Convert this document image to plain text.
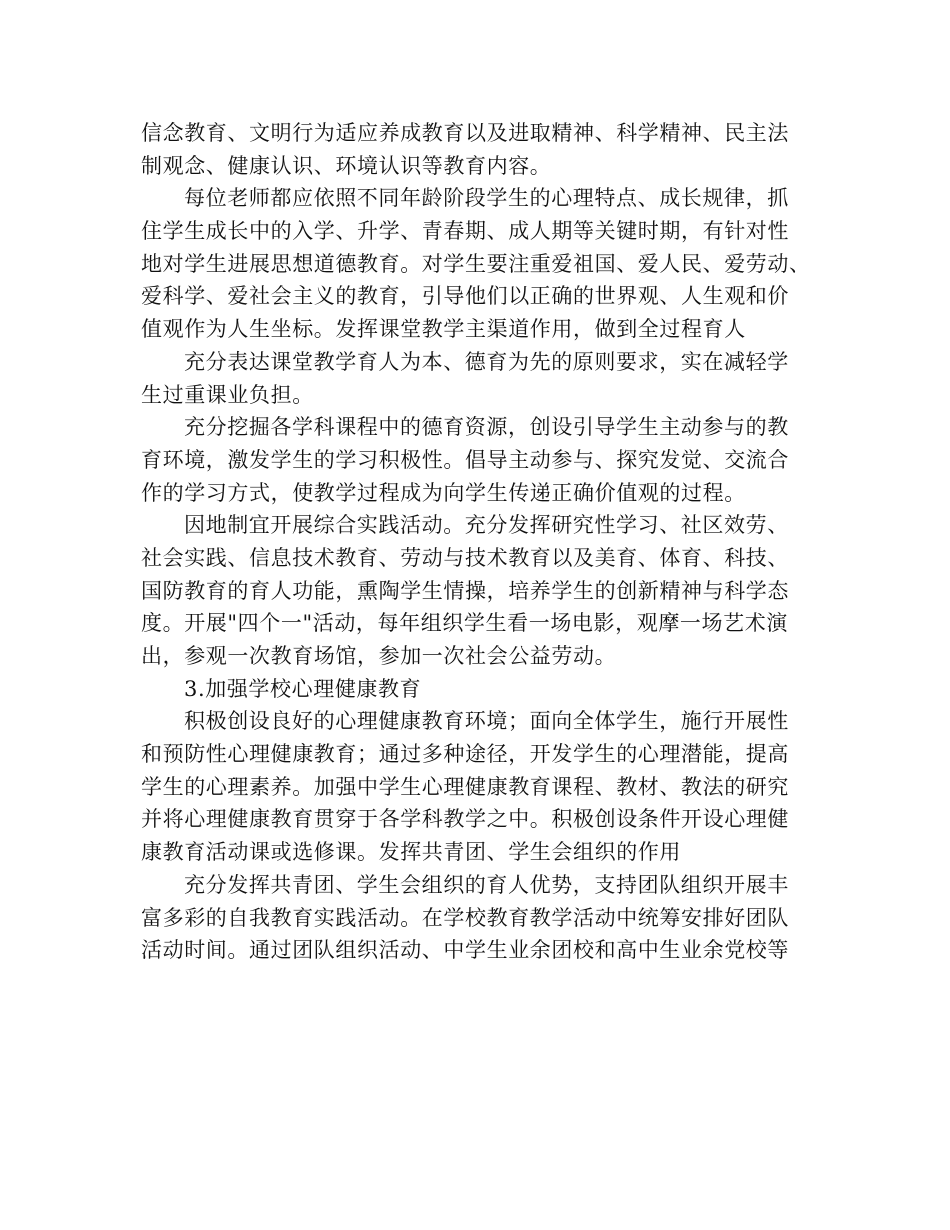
信念教育、文明行为适应养成教育以及进取精神、科学精神、民主法
制观念、健康认识、环境认识等教育内容。
每位老师都应依照不同年龄阶段学生的心理特点、成长规律，抓
住学生成长中的入学、升学、青春期、成人期等关键时期，有针对性
地对学生进展思想道德教育。对学生要注重爱祖国、爱人民、爱劳动、
爱科学、爱社会主义的教育，引导他们以正确的世界观、人生观和价
值观作为人生坐标。发挥课堂教学主渠道作用，做到全过程育人
充分表达课堂教学育人为本、德育为先的原则要求，实在减轻学
生过重课业负担。
充分挖掘各学科课程中的德育资源，创设引导学生主动参与的教
育环境，激发学生的学习积极性。倡导主动参与、探究发觉、交流合
作的学习方式，使教学过程成为向学生传递正确价值观的过程。
因地制宜开展综合实践活动。充分发挥研究性学习、社区效劳、
社会实践、信息技术教育、劳动与技术教育以及美育、体育、科技、
国防教育的育人功能，熏陶学生情操，培养学生的创新精神与科学态
度。开展"四个一"活动，每年组织学生看一场电影，观摩一场艺术演
出，参观一次教育场馆，参加一次社会公益劳动。
3.加强学校心理健康教育
积极创设良好的心理健康教育环境；面向全体学生，施行开展性
和预防性心理健康教育；通过多种途径，开发学生的心理潜能，提高
学生的心理素养。加强中学生心理健康教育课程、教材、教法的研究
并将心理健康教育贯穿于各学科教学之中。积极创设条件开设心理健
康教育活动课或选修课。发挥共青团、学生会组织的作用
充分发挥共青团、学生会组织的育人优势，支持团队组织开展丰
富多彩的自我教育实践活动。在学校教育教学活动中统筹安排好团队
活动时间。通过团队组织活动、中学生业余团校和高中生业余党校等
